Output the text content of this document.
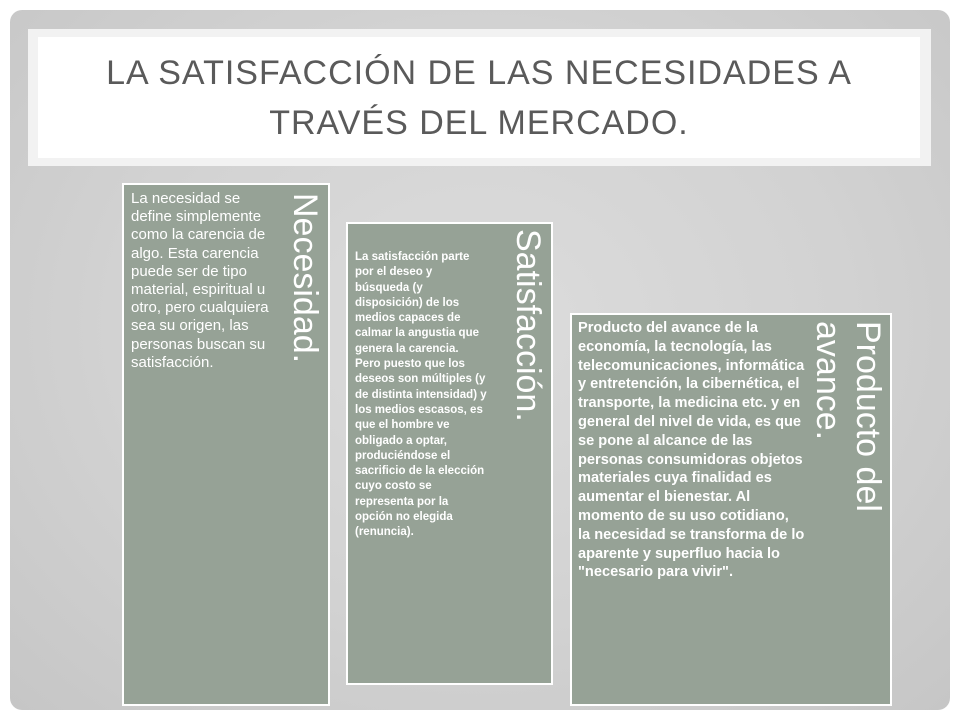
LA SATISFACCIÓN DE LAS NECESIDADES A TRAVÉS DEL MERCADO.
La necesidad se define simplemente como la carencia de algo. Esta carencia puede ser de tipo material, espiritual u otro, pero cualquiera sea su origen, las personas buscan su satisfacción.	Necesidad.	La satisfacción parte por el deseo y búsqueda (y disposición) de los medios capaces de calmar la angustia que genera la carencia. Pero puesto que los deseos son múltiples (y de distinta intensidad) y los medios escasos, es que el hombre ve obligado a optar, produciéndose el sacrificio de la elección cuyo costo se representa por la opción no elegida (renuncia).
Satisfacción. Producto del avance de la economía, la tecnología, las telecomunicaciones, informática y entretención, la cibernética, el transporte, la medicina etc. y en general del nivel de vida, es que se pone al alcance de las personas consumidoras objetos materiales cuya finalidad es aumentar el bienestar. Al momento de su uso cotidiano, la necesidad se transforma de lo aparente y superfluo hacia lo "necesario para vivir".
Producto del avance.
